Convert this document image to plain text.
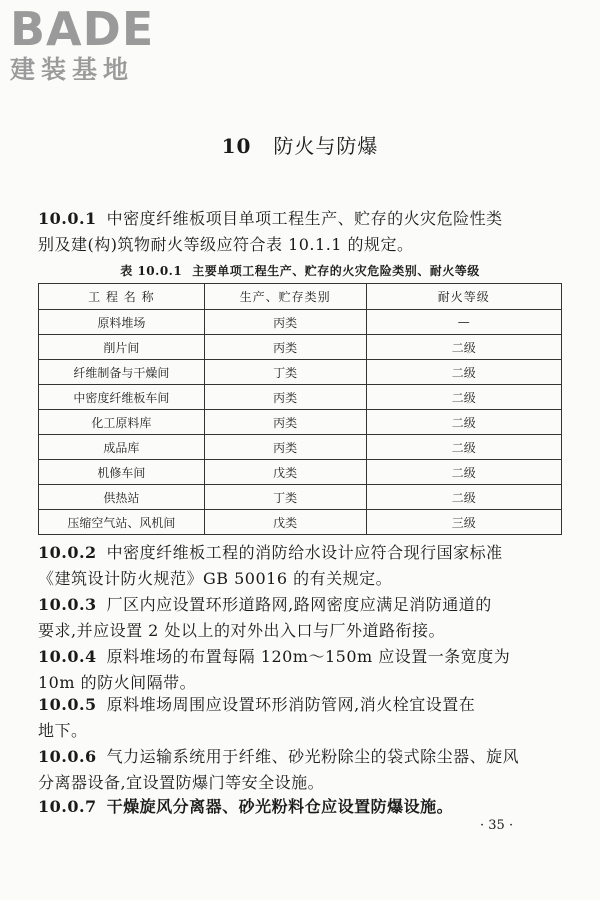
BADE
建装基地
10 防火与防爆
10.0.1 中密度纤维板项目单项工程生产、贮存的火灾危险性类
别及建(构)筑物耐火等级应符合表 10.1.1 的规定。
表 10.0.1 主要单项工程生产、贮存的火灾危险类别、耐火等级
工 程 名 称	生产、贮存类别	耐火等级
原料堆场	丙类	—
削片间	丙类	二级
纤维制备与干燥间	丁类	二级
中密度纤维板车间	丙类	二级
化工原料库	丙类	二级
成品库	丙类	二级
机修车间	戊类	二级
供热站	丁类	二级
压缩空气站、风机间	戊类	三级
10.0.2 中密度纤维板工程的消防给水设计应符合现行国家标准
《建筑设计防火规范》GB 50016 的有关规定。
10.0.3 厂区内应设置环形道路网,路网密度应满足消防通道的
要求,并应设置 2 处以上的对外出入口与厂外道路衔接。
10.0.4 原料堆场的布置每隔 120m～150m 应设置一条宽度为
10m 的防火间隔带。
10.0.5 原料堆场周围应设置环形消防管网,消火栓宜设置在
地下。
10.0.6 气力运输系统用于纤维、砂光粉除尘的袋式除尘器、旋风
分离器设备,宜设置防爆门等安全设施。
10.0.7 干燥旋风分离器、砂光粉料仓应设置防爆设施。
· 35 ·
